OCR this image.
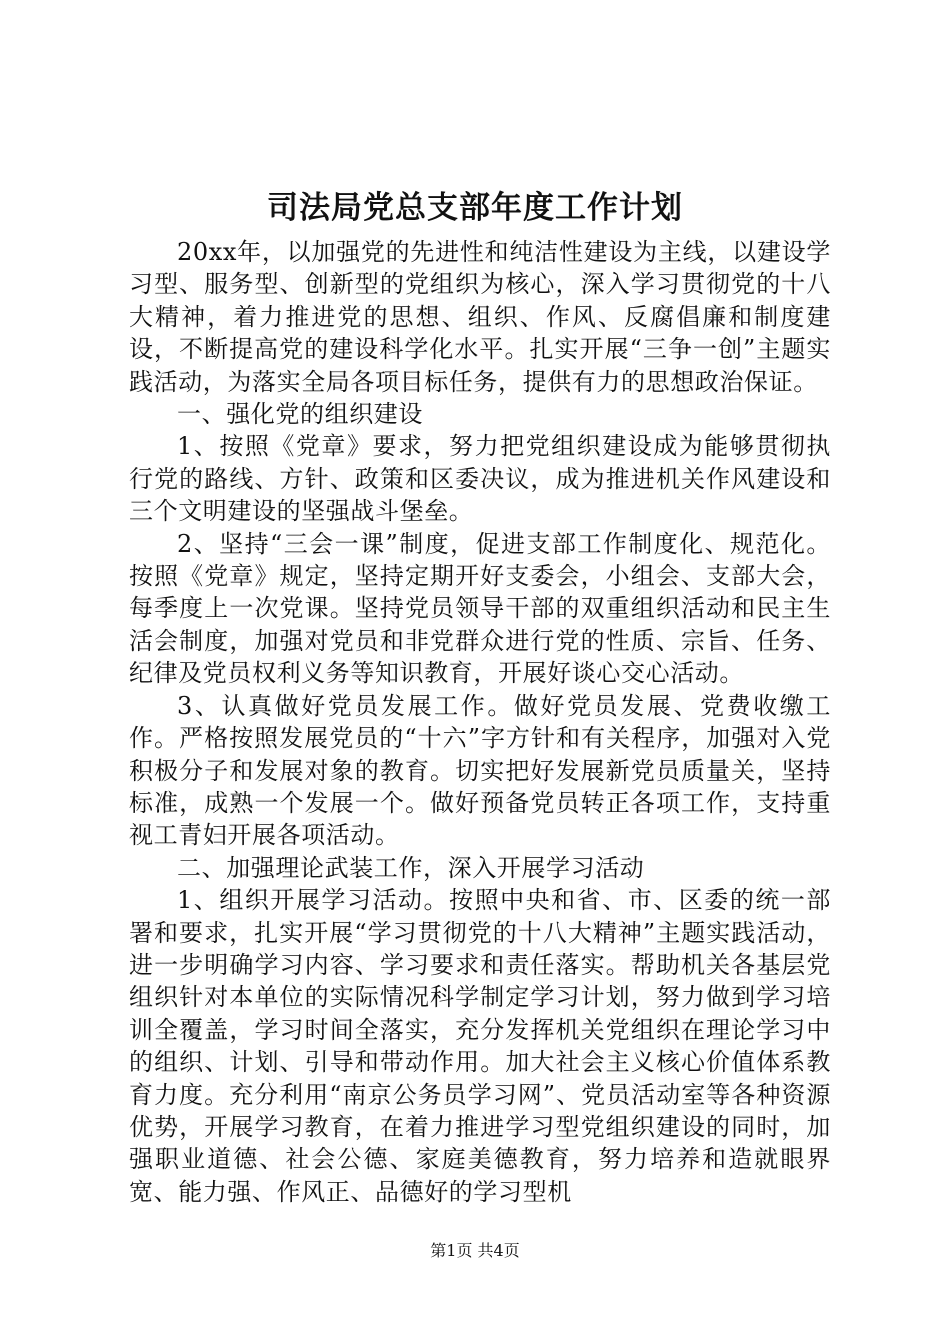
司法局党总支部年度工作计划

20xx年，以加强党的先进性和纯洁性建设为主线，以建设学习型、服务型、创新型的党组织为核心，深入学习贯彻党的十八大精神，着力推进党的思想、组织、作风、反腐倡廉和制度建设，不断提高党的建设科学化水平。扎实开展“三争一创”主题实践活动，为落实全局各项目标任务，提供有力的思想政治保证。

一、强化党的组织建设

1、按照《党章》要求，努力把党组织建设成为能够贯彻执行党的路线、方针、政策和区委决议，成为推进机关作风建设和三个文明建设的坚强战斗堡垒。

2、坚持“三会一课”制度，促进支部工作制度化、规范化。按照《党章》规定，坚持定期开好支委会，小组会、支部大会，每季度上一次党课。坚持党员领导干部的双重组织活动和民主生活会制度，加强对党员和非党群众进行党的性质、宗旨、任务、纪律及党员权利义务等知识教育，开展好谈心交心活动。

3、认真做好党员发展工作。做好党员发展、党费收缴工作。严格按照发展党员的“十六”字方针和有关程序，加强对入党积极分子和发展对象的教育。切实把好发展新党员质量关，坚持标准，成熟一个发展一个。做好预备党员转正各项工作，支持重视工青妇开展各项活动。

二、加强理论武装工作，深入开展学习活动

1、组织开展学习活动。按照中央和省、市、区委的统一部署和要求，扎实开展“学习贯彻党的十八大精神”主题实践活动，进一步明确学习内容、学习要求和责任落实。帮助机关各基层党组织针对本单位的实际情况科学制定学习计划，努力做到学习培训全覆盖，学习时间全落实，充分发挥机关党组织在理论学习中的组织、计划、引导和带动作用。加大社会主义核心价值体系教育力度。充分利用“南京公务员学习网”、党员活动室等各种资源优势，开展学习教育，在着力推进学习型党组织建设的同时，加强职业道德、社会公德、家庭美德教育，努力培养和造就眼界宽、能力强、作风正、品德好的学习型机

第1页 共4页
